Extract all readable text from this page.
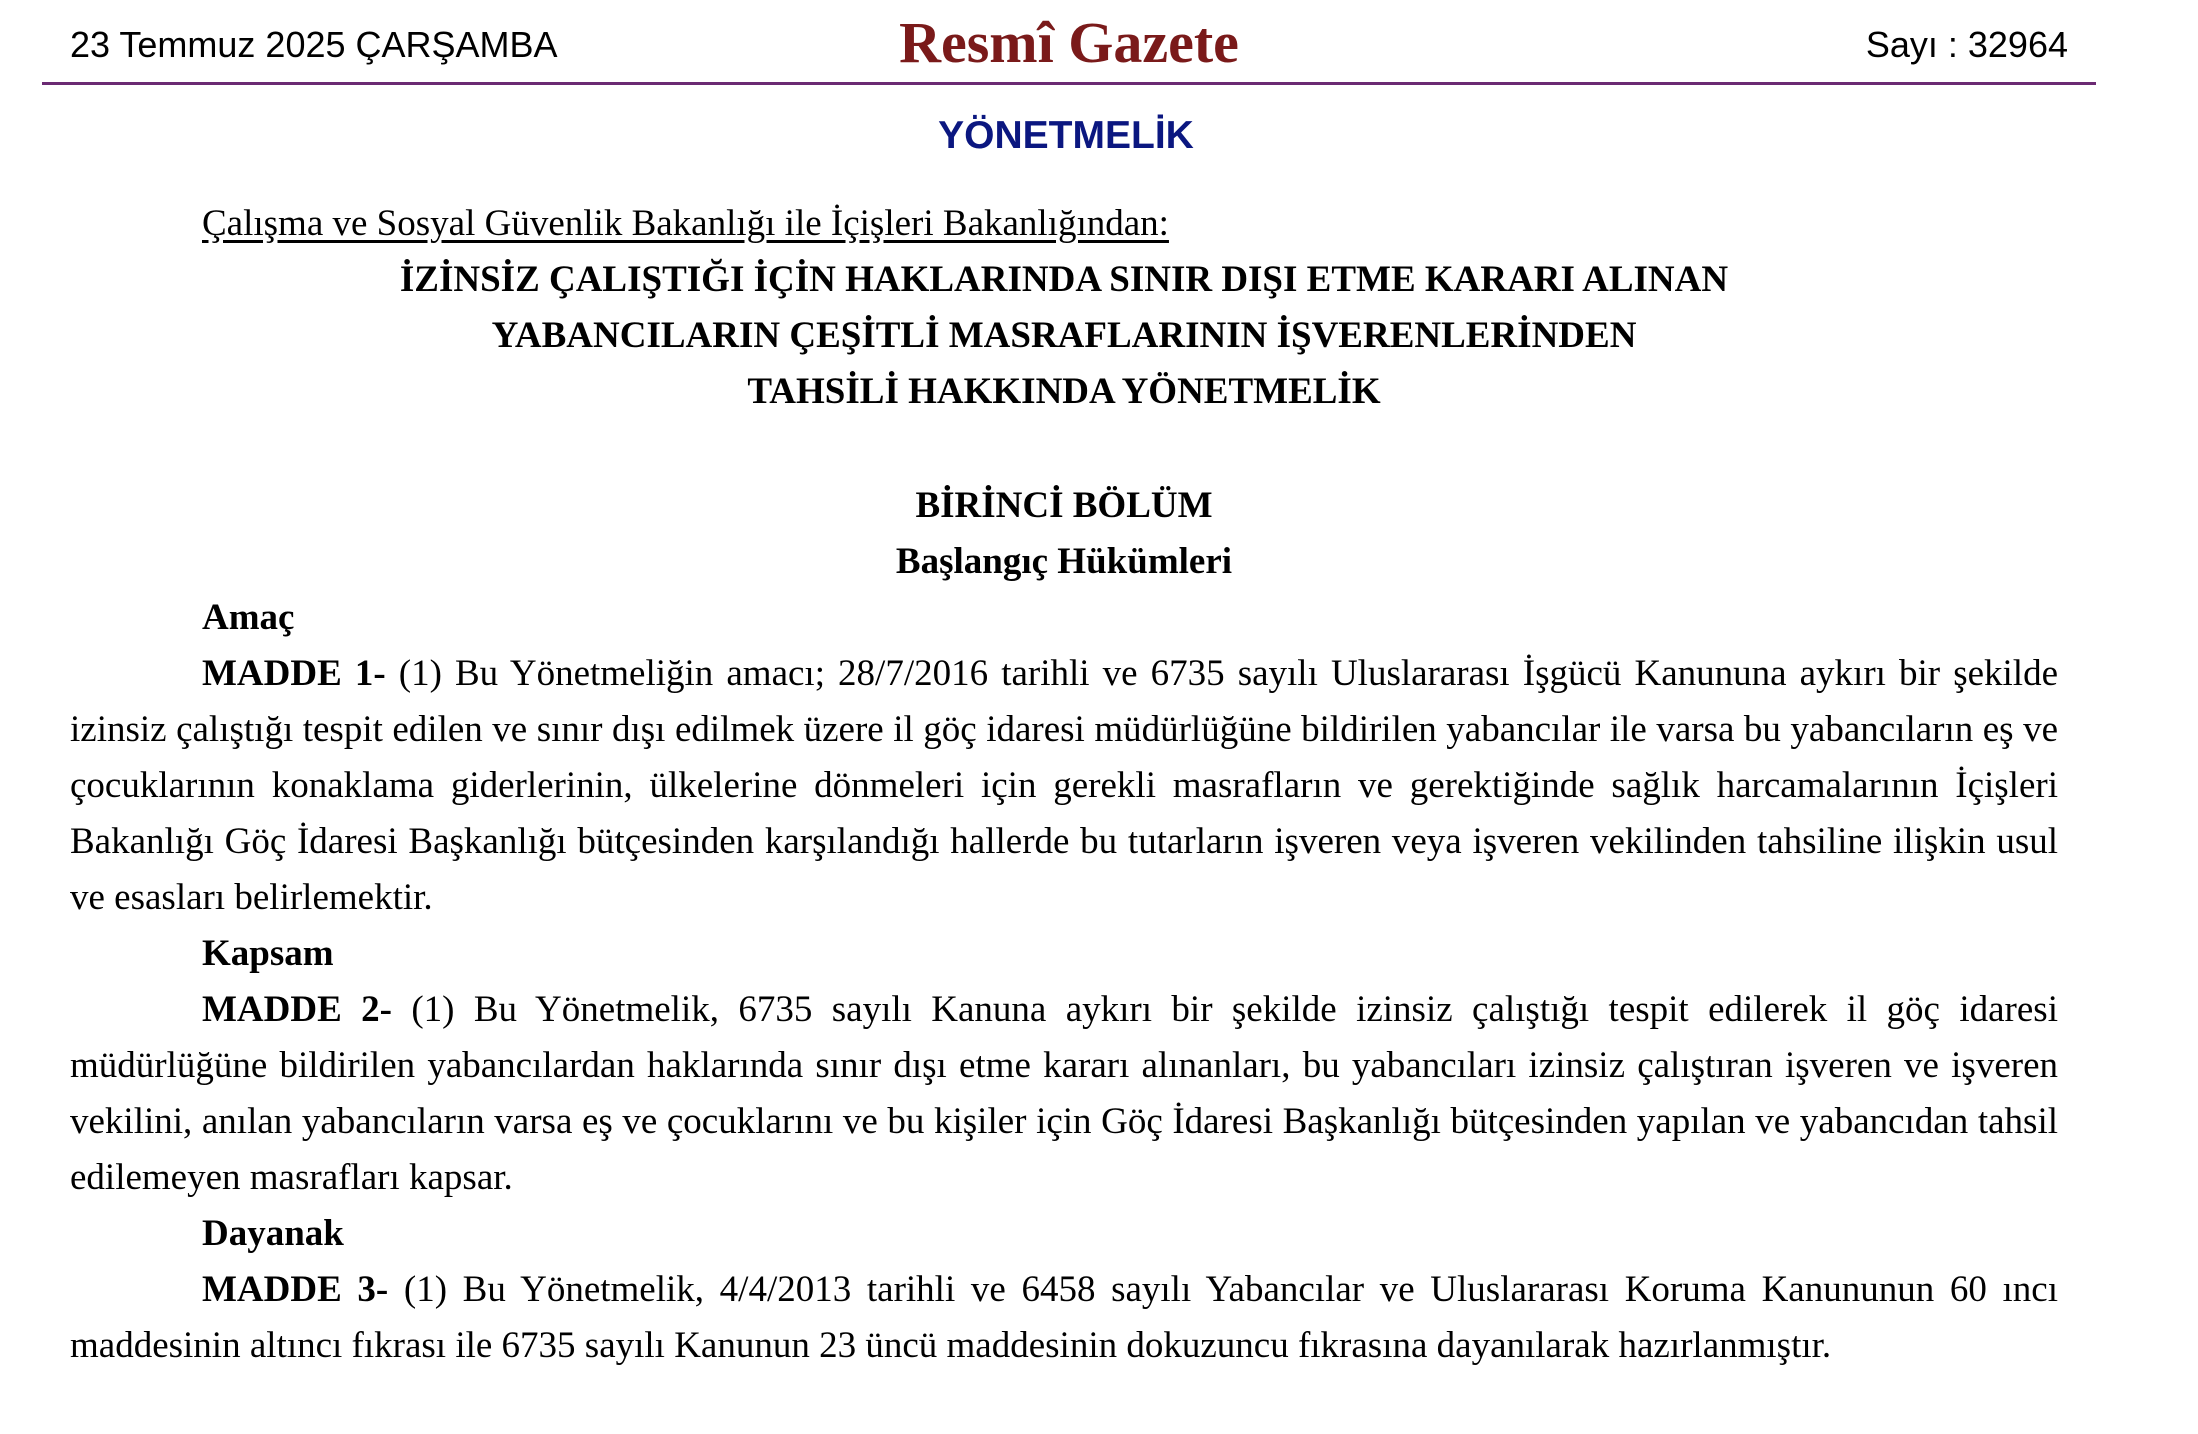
23 Temmuz 2025 ÇARŞAMBA	Resmî Gazete	Sayı : 32964
YÖNETMELİK
Çalışma ve Sosyal Güvenlik Bakanlığı ile İçişleri Bakanlığından:
İZİNSİZ ÇALIŞTIĞI İÇİN HAKLARINDA SINIR DIŞI ETME KARARI ALINAN
YABANCILARIN ÇEŞİTLİ MASRAFLARININ İŞVERENLERİNDEN
TAHSİLİ HAKKINDA YÖNETMELİK
BİRİNCİ BÖLÜM
Başlangıç Hükümleri
Amaç
MADDE 1- (1) Bu Yönetmeliğin amacı; 28/7/2016 tarihli ve 6735 sayılı Uluslararası İşgücü Kanununa aykırı bir şekilde izinsiz çalıştığı tespit edilen ve sınır dışı edilmek üzere il göç idaresi müdürlüğüne bildirilen yabancılar ile varsa bu yabancıların eş ve çocuklarının konaklama giderlerinin, ülkelerine dönmeleri için gerekli masrafların ve gerektiğinde sağlık harcamalarının İçişleri Bakanlığı Göç İdaresi Başkanlığı bütçesinden karşılandığı hallerde bu tutarların işveren veya işveren vekilinden tahsiline ilişkin usul ve esasları belirlemektir.
Kapsam
MADDE 2- (1) Bu Yönetmelik, 6735 sayılı Kanuna aykırı bir şekilde izinsiz çalıştığı tespit edilerek il göç idaresi müdürlüğüne bildirilen yabancılardan haklarında sınır dışı etme kararı alınanları, bu yabancıları izinsiz çalıştıran işveren ve işveren vekilini, anılan yabancıların varsa eş ve çocuklarını ve bu kişiler için Göç İdaresi Başkanlığı bütçesinden yapılan ve yabancıdan tahsil edilemeyen masrafları kapsar.
Dayanak
MADDE 3- (1) Bu Yönetmelik, 4/4/2013 tarihli ve 6458 sayılı Yabancılar ve Uluslararası Koruma Kanununun 60 ıncı maddesinin altıncı fıkrası ile 6735 sayılı Kanunun 23 üncü maddesinin dokuzuncu fıkrasına dayanılarak hazırlanmıştır.
